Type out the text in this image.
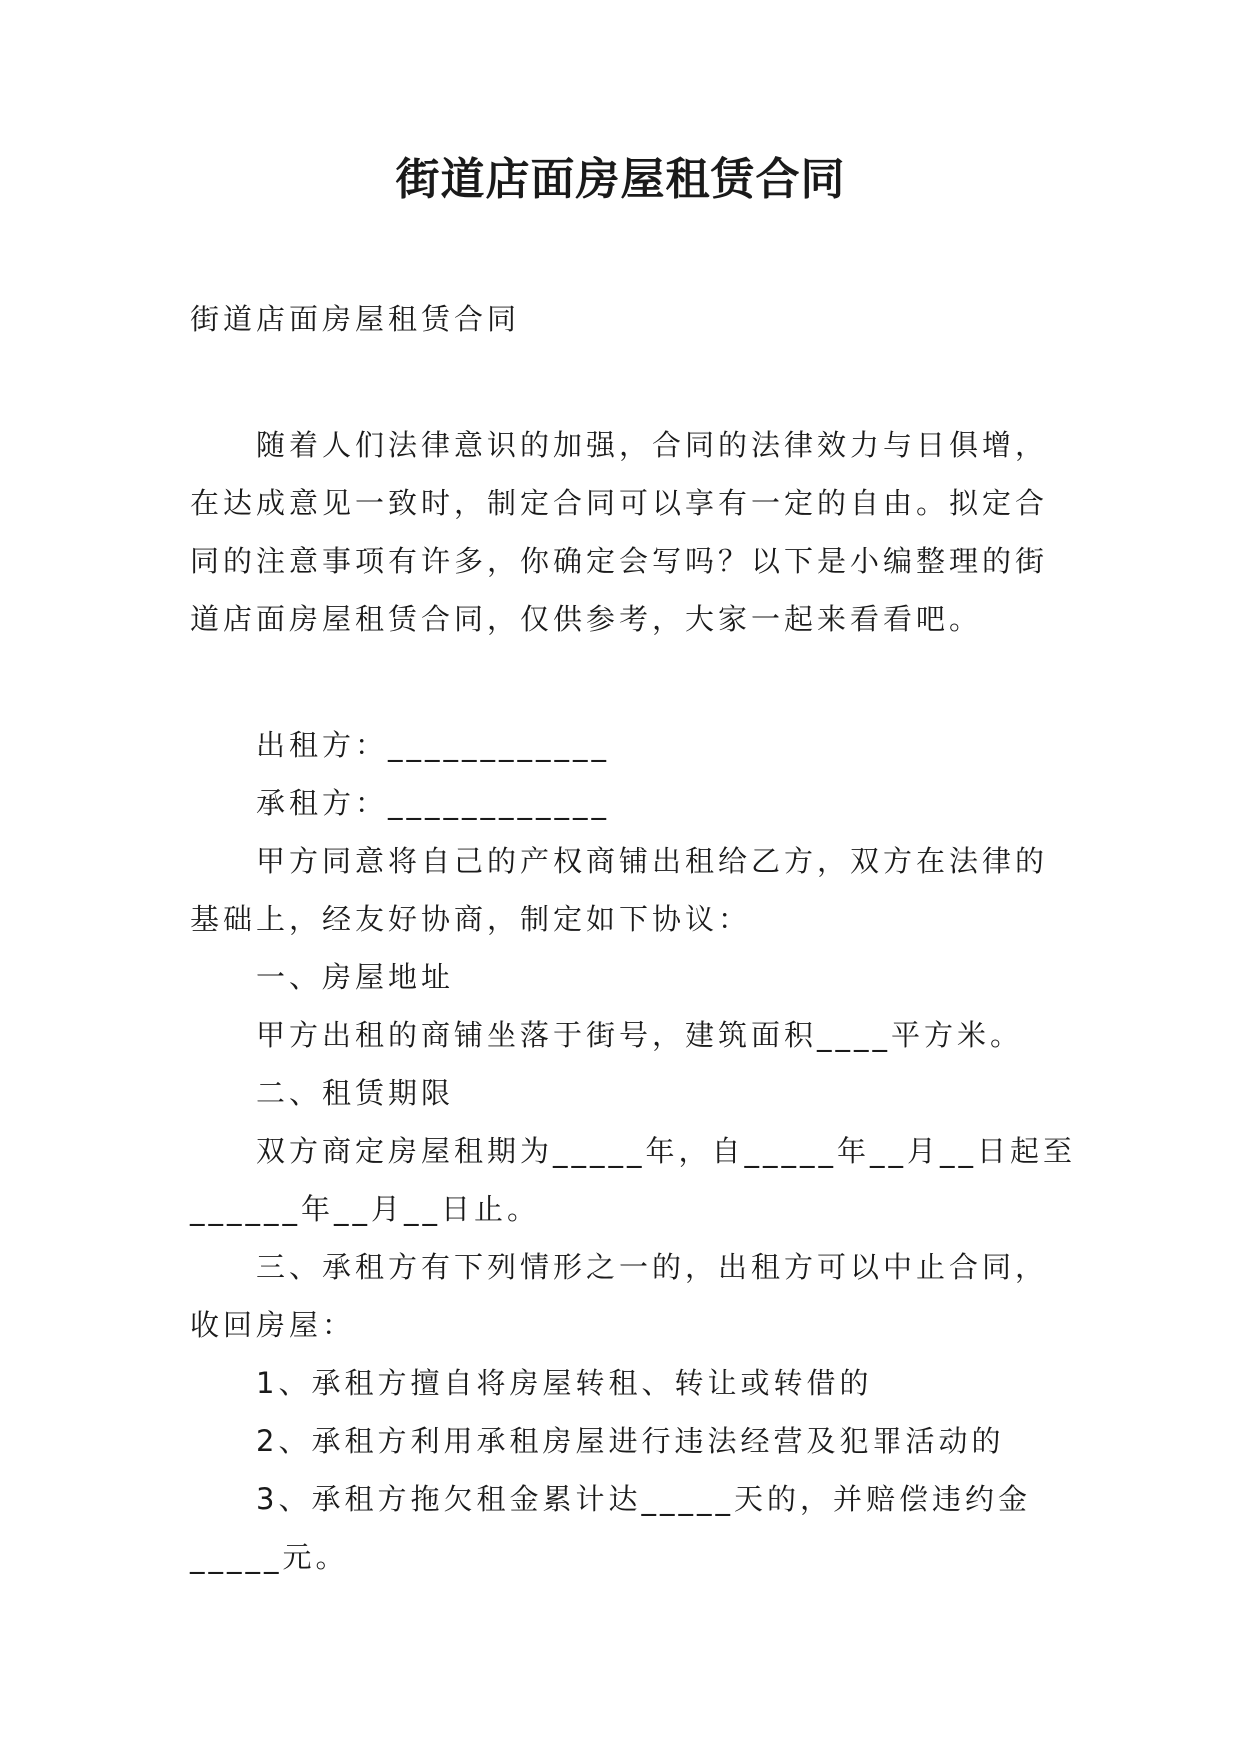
街道店面房屋租赁合同
街道店面房屋租赁合同
随着人们法律意识的加强，合同的法律效力与日俱增，
在达成意见一致时，制定合同可以享有一定的自由。拟定合
同的注意事项有许多，你确定会写吗？以下是小编整理的街
道店面房屋租赁合同，仅供参考，大家一起来看看吧。
出租方：____________
承租方：____________
甲方同意将自己的产权商铺出租给乙方，双方在法律的
基础上，经友好协商，制定如下协议：
一、房屋地址
甲方出租的商铺坐落于街号，建筑面积____平方米。
二、租赁期限
双方商定房屋租期为_____年，自_____年__月__日起至
______年__月__日止。
三、承租方有下列情形之一的，出租方可以中止合同，
收回房屋：
1、承租方擅自将房屋转租、转让或转借的
2、承租方利用承租房屋进行违法经营及犯罪活动的
3、承租方拖欠租金累计达_____天的，并赔偿违约金
_____元。
